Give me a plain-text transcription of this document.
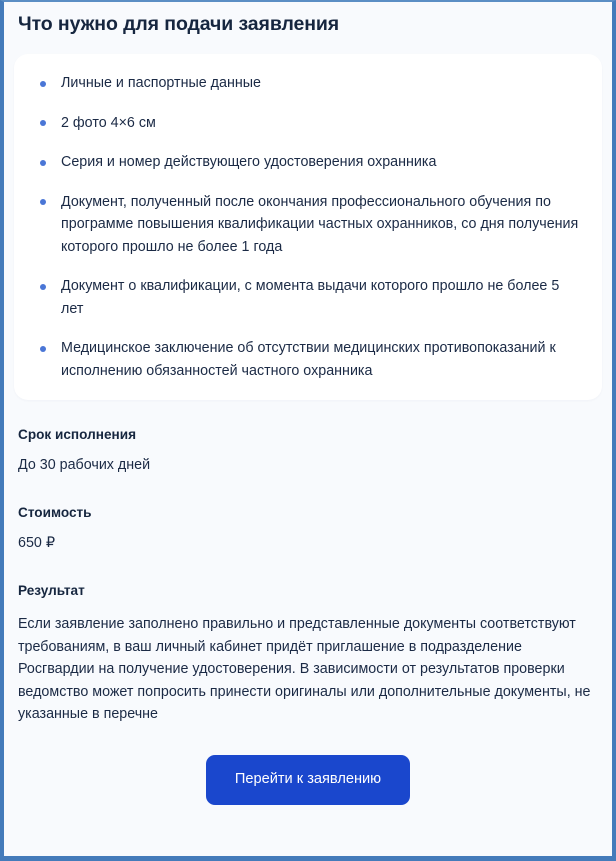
Что нужно для подачи заявления
Личные и паспортные данные
2 фото 4×6 см
Серия и номер действующего удостоверения охранника
Документ, полученный после окончания профессионального обучения по программе повышения квалификации частных охранников, со дня получения которого прошло не более 1 года
Документ о квалификации, с момента выдачи которого прошло не более 5 лет
Медицинское заключение об отсутствии медицинских противопоказаний к исполнению обязанностей частного охранника
Срок исполнения

До 30 рабочих дней

Стоимость

650 ₽

Результат

Если заявление заполнено правильно и представленные документы соответствуют требованиям, в ваш личный кабинет придёт приглашение в подразделение Росгвардии на получение удостоверения. В зависимости от результатов проверки ведомство может попросить принести оригиналы или дополнительные документы, не указанные в перечне

Перейти к заявлению
